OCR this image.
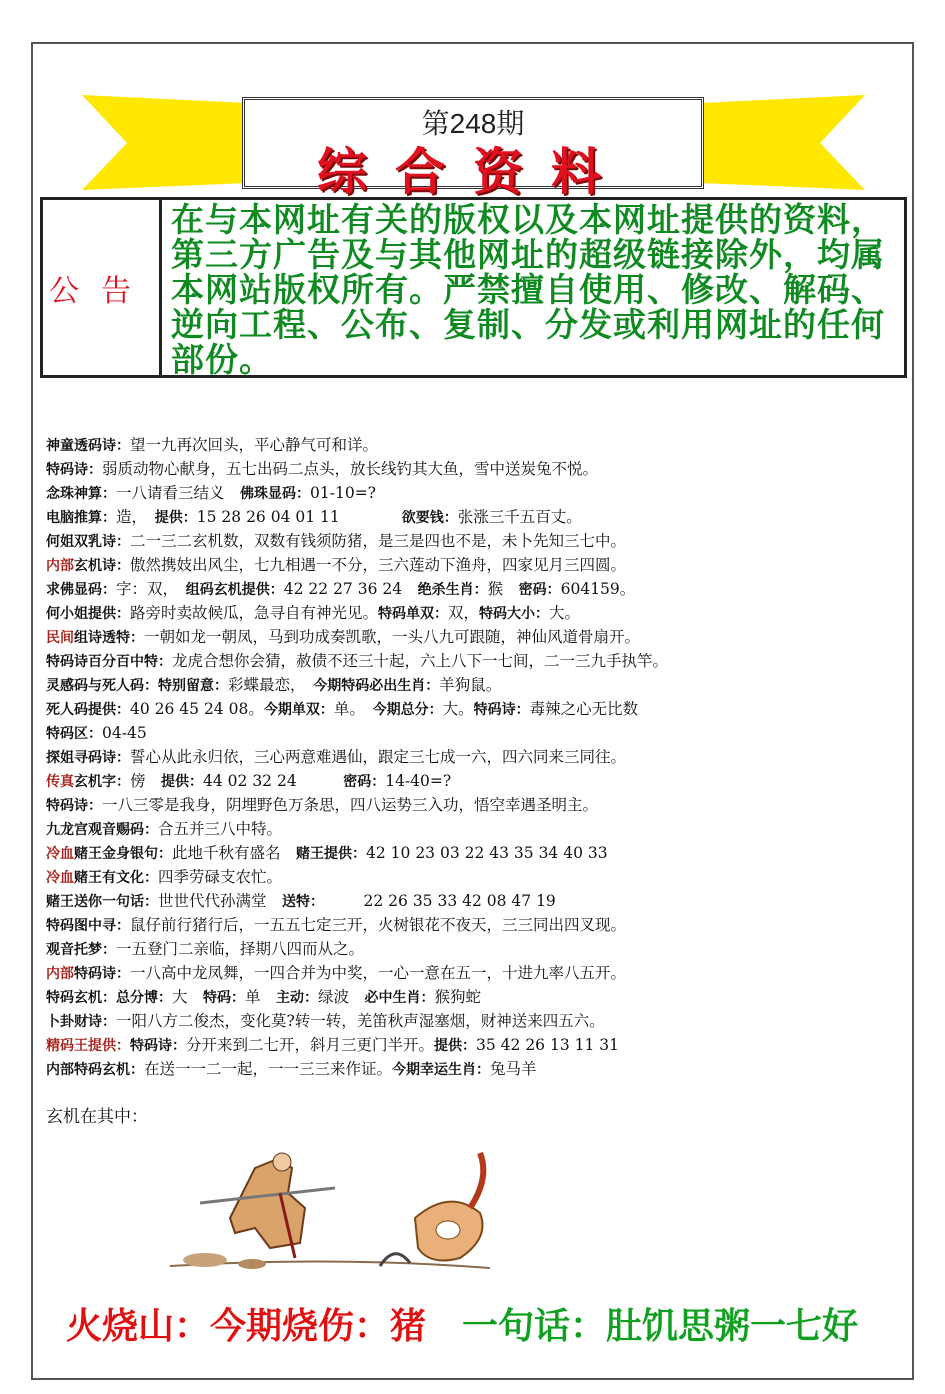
第248期
综合资料
公告
在与本网址有关的版权以及本网址提供的资料，第三方广告及与其他网址的超级链接除外，均属本网站版权所有。严禁擅自使用、修改、解码、逆向工程、公布、复制、分发或利用网址的任何部份。
神童透码诗：望一九再次回头，平心静气可和详。
特码诗：弱质动物心献身，五七出码二点头，放长线钓其大鱼，雪中送炭兔不悦。
念珠神算：一八请看三结义　佛珠显码：01-10=?
电脑推算：造，　提供：15 28 26 04 01 11　　　　欲要钱：张涨三千五百丈。
何姐双乳诗：二一三二玄机数，双数有钱须防猪，是三是四也不是，未卜先知三七中。
内部玄机诗：傲然携妓出风尘，七九相遇一不分，三六莲动下渔舟，四家见月三四圆。
求佛显码：字：双，　组码玄机提供：42 22 27 36 24　绝杀生肖：猴　密码：604159。
何小姐提供：路旁时卖故候瓜，急寻自有神光见。特码单双：双，特码大小：大。
民间组诗透特：一朝如龙一朝凤，马到功成奏凯歌，一头八九可跟随，神仙风道骨扇开。
特码诗百分百中特：龙虎合想你会猜，赦债不还三十起，六上八下一七间，二一三九手执竿。
灵感码与死人码：特别留意：彩蝶最恋，　今期特码必出生肖：羊狗鼠。
死人码提供：40 26 45 24 08。今期单双：单。　今期总分：大。特码诗：毒辣之心无比数
特码区：04-45
探姐寻码诗：誓心从此永归依，三心两意难遇仙，跟定三七成一六，四六同来三同往。
传真玄机字：傍　提供：44 02 32 24　　　密码：14-40=?
特码诗：一八三零是我身，阴埋野色万条思，四八运势三入功，悟空幸遇圣明主。
九龙宫观音赐码：合五并三八中特。
冷血赌王金身银句：此地千秋有盛名　赌王提供：42 10 23 03 22 43 35 34 40 33
冷血赌王有文化：四季劳碌支农忙。
赌王送你一句话：世世代代孙满堂　送特：　　　22 26 35 33 42 08 47 19
特码图中寻：鼠仔前行猪行后，一五五七定三开，火树银花不夜天，三三同出四叉现。
观音托梦：一五登门二亲临，择期八四而从之。
内部特码诗：一八高中龙凤舞，一四合并为中奖，一心一意在五一，十进九率八五开。
特码玄机：总分博：大　特码：单　主动：绿波　必中生肖：猴狗蛇
卜卦财诗：一阳八方二俊杰，变化莫?转一转，羌笛秋声湿塞烟，财神送来四五六。
精码王提供：特码诗：分开来到二七开，斜月三更门半开。提供：35 42 26 13 11 31
内部特码玄机：在送一一二一起，一一三三来作证。今期幸运生肖：兔马羊
玄机在其中：
火烧山：今期烧伤：猪 一句话：肚饥思粥一七好
